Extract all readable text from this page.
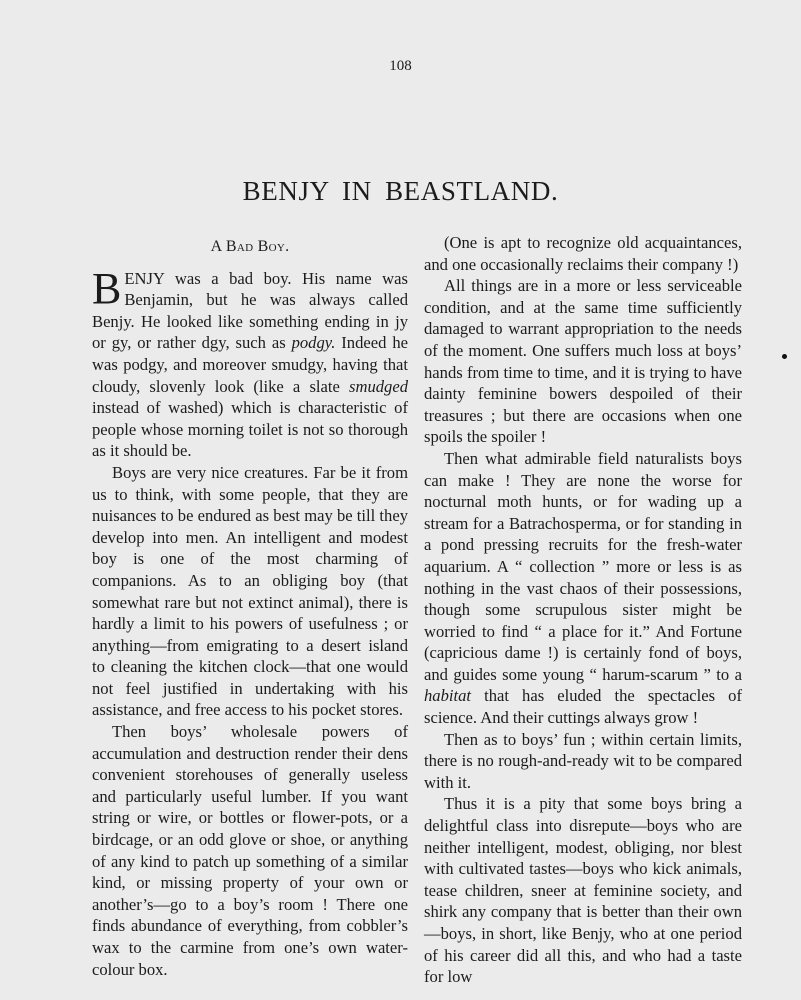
108
BENJY IN BEASTLAND.
A Bad Boy.

BENJY was a bad boy. His name was Benjamin, but he was always called Benjy. He looked like something ending in jy or gy, or rather dgy, such as podgy. Indeed he was podgy, and moreover smudgy, having that cloudy, slovenly look (like a slate smudged instead of washed) which is characteristic of people whose morning toilet is not so thorough as it should be.

Boys are very nice creatures. Far be it from us to think, with some people, that they are nuisances to be endured as best may be till they develop into men. An intelligent and modest boy is one of the most charming of companions. As to an obliging boy (that somewhat rare but not extinct animal), there is hardly a limit to his powers of usefulness ; or anything—from emigrating to a desert island to cleaning the kitchen clock—that one would not feel justified in undertaking with his assistance, and free access to his pocket stores.

Then boys’ wholesale powers of accumulation and destruction render their dens convenient storehouses of generally useless and particularly useful lumber. If you want string or wire, or bottles or flower-pots, or a birdcage, or an odd glove or shoe, or anything of any kind to patch up something of a similar kind, or missing property of your own or another’s—go to a boy’s room ! There one finds abundance of everything, from cobbler’s wax to the carmine from one’s own water-colour box.

(One is apt to recognize old acquaintances, and one occasionally reclaims their company !)

All things are in a more or less serviceable condition, and at the same time sufficiently damaged to warrant appropriation to the needs of the moment. One suffers much loss at boys’ hands from time to time, and it is trying to have dainty feminine bowers despoiled of their treasures ; but there are occasions when one spoils the spoiler !

Then what admirable field naturalists boys can make ! They are none the worse for nocturnal moth hunts, or for wading up a stream for a Batrachosperma, or for standing in a pond pressing recruits for the fresh-water aquarium. A “ collection ” more or less is as nothing in the vast chaos of their possessions, though some scrupulous sister might be worried to find “ a place for it.” And Fortune (capricious dame !) is certainly fond of boys, and guides some young “ harum-scarum ” to a habitat that has eluded the spectacles of science. And their cuttings always grow !

Then as to boys’ fun ; within certain limits, there is no rough-and-ready wit to be compared with it.

Thus it is a pity that some boys bring a delightful class into disrepute—boys who are neither intelligent, modest, obliging, nor blest with cultivated tastes—boys who kick animals, tease children, sneer at feminine society, and shirk any company that is better than their own—boys, in short, like Benjy, who at one period of his career did all this, and who had a taste for low
